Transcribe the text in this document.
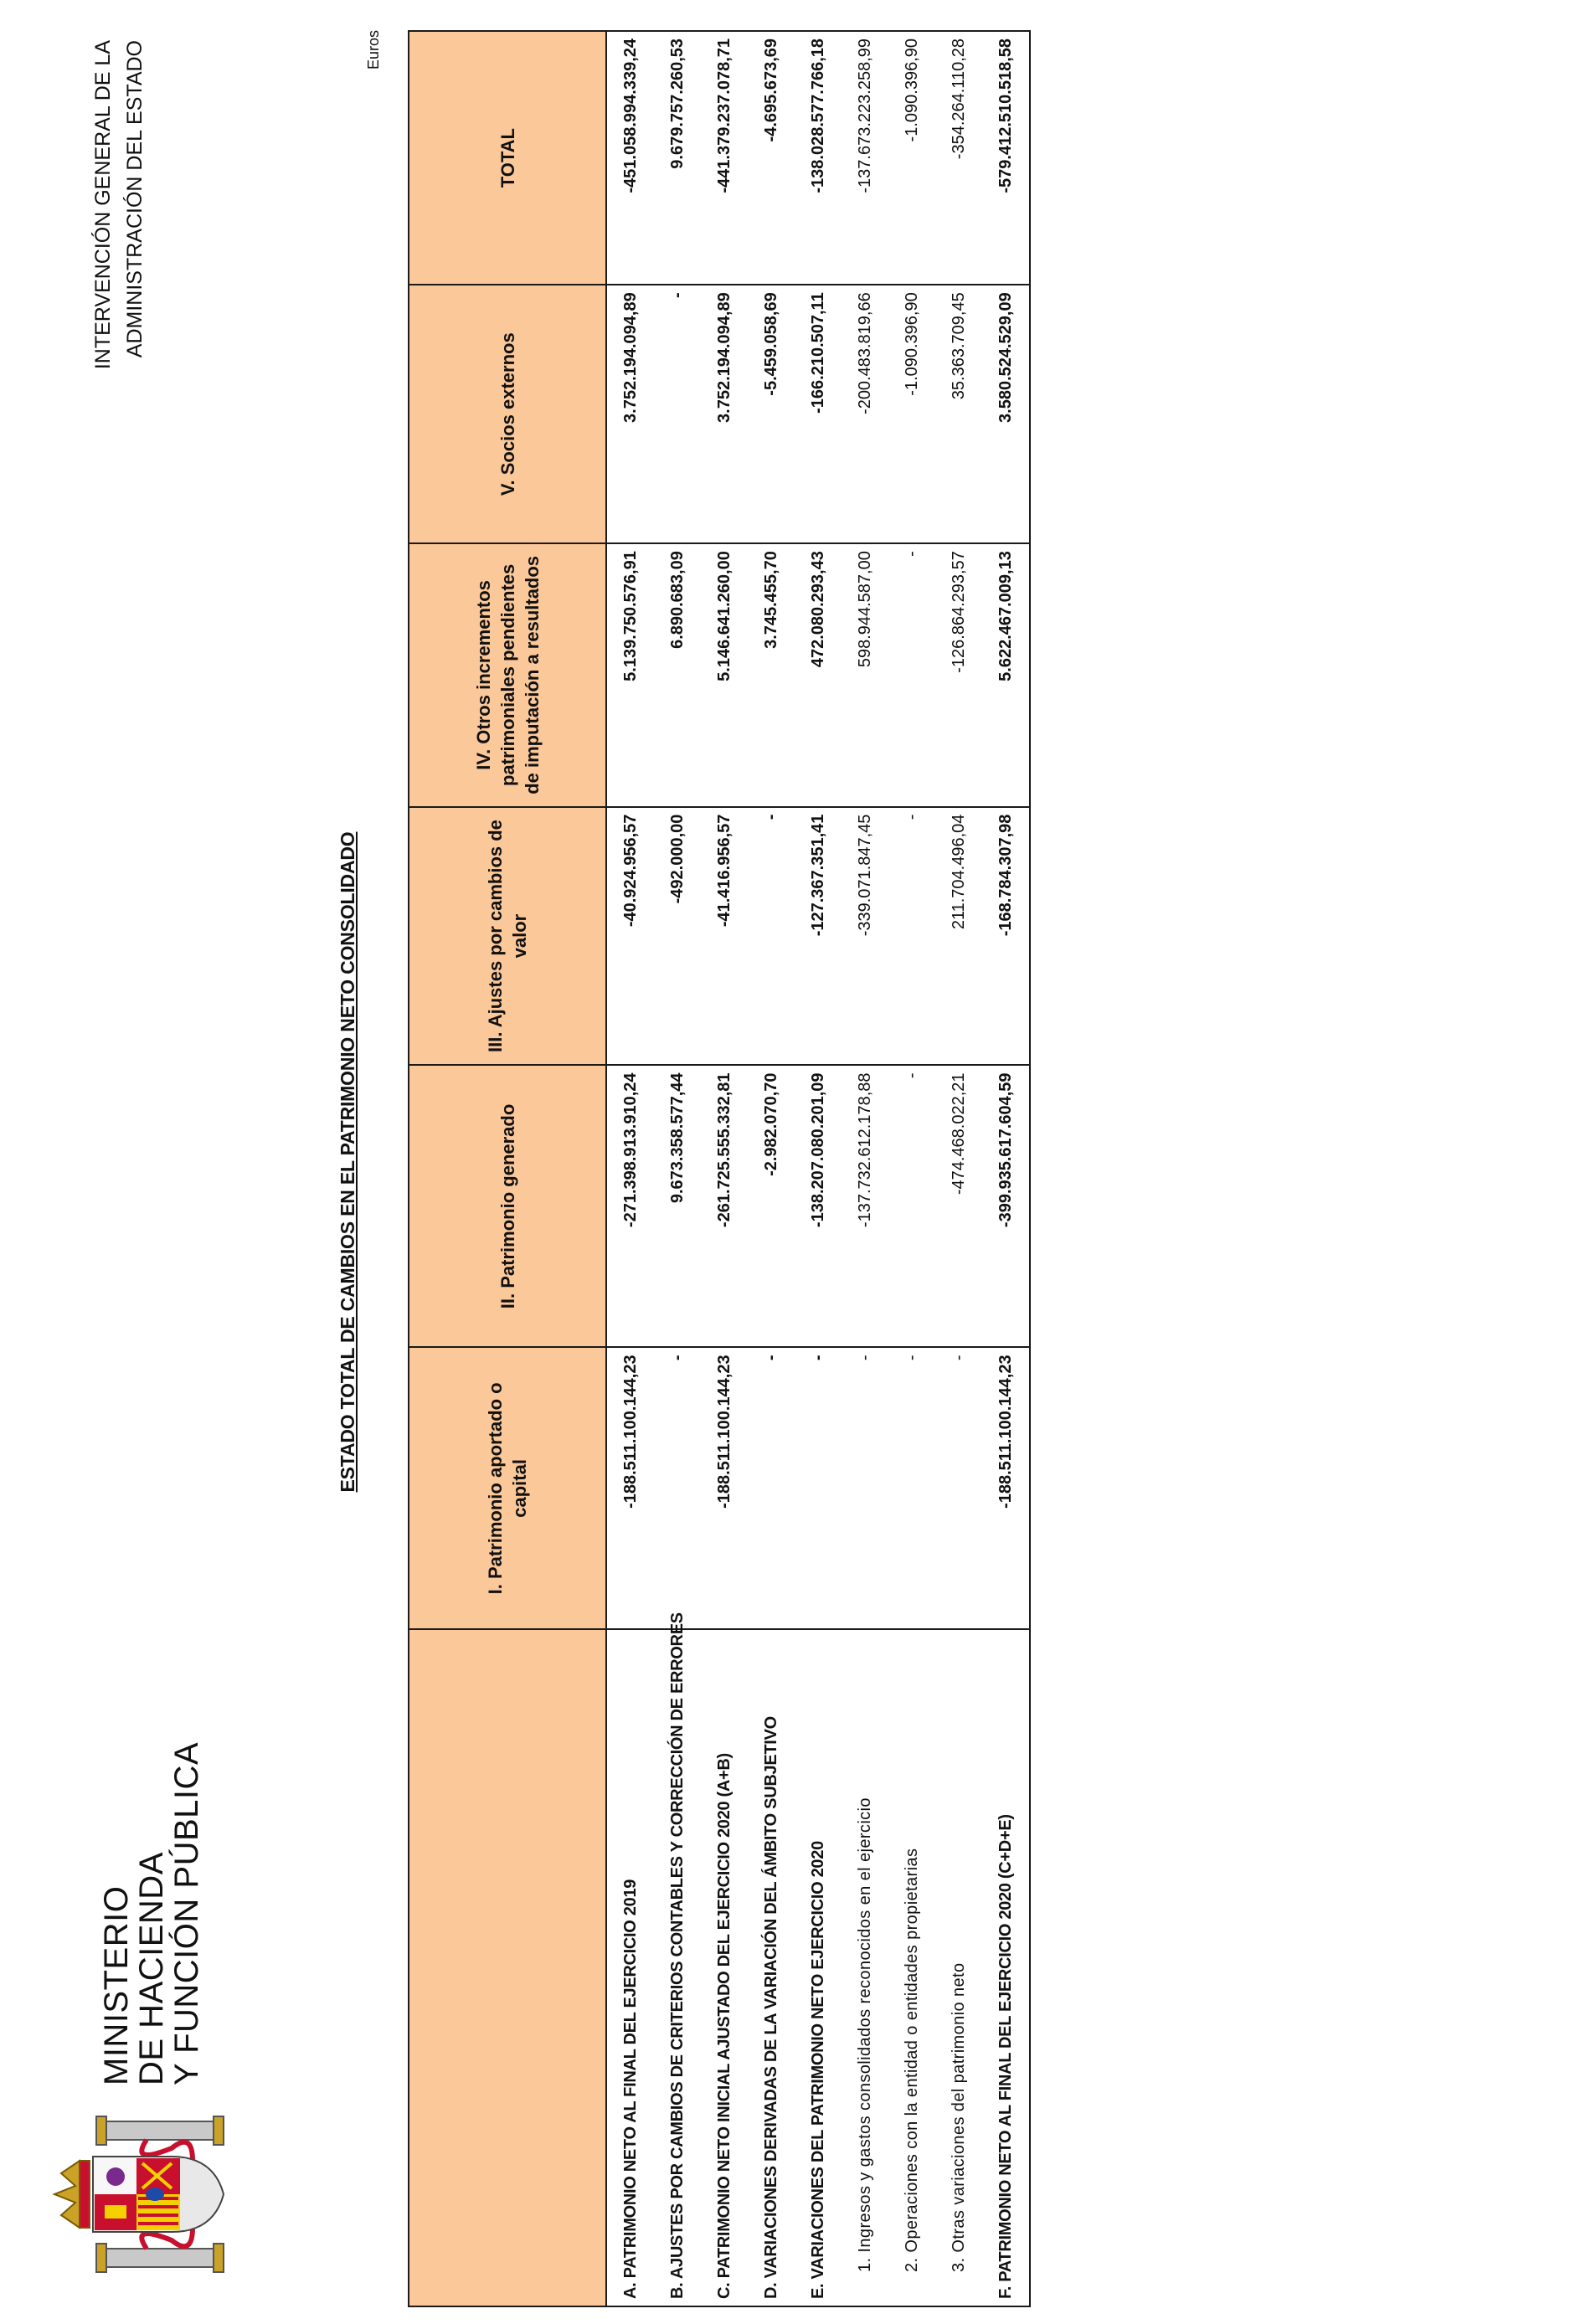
MINISTERIO
DE HACIENDA
Y FUNCIÓN PÚBLICA
INTERVENCIÓN GENERAL DE LA ADMINISTRACIÓN DEL ESTADO
ESTADO TOTAL DE CAMBIOS EN EL PATRIMONIO NETO CONSOLIDADO
Euros
	I. Patrimonio aportado o capital	II. Patrimonio generado	III. Ajustes por cambios de valor	IV. Otros incrementos patrimoniales pendientes de imputación a resultados	V. Socios externos	TOTAL
A. PATRIMONIO NETO AL FINAL DEL EJERCICIO 2019	-188.511.100.144,23	-271.398.913.910,24	-40.924.956,57	5.139.750.576,91	3.752.194.094,89	-451.058.994.339,24
B. AJUSTES POR CAMBIOS DE CRITERIOS CONTABLES Y CORRECCIÓN DE ERRORES	-	9.673.358.577,44	-492.000,00	6.890.683,09	-	9.679.757.260,53
C. PATRIMONIO NETO INICIAL AJUSTADO DEL EJERCICIO 2020 (A+B)	-188.511.100.144,23	-261.725.555.332,81	-41.416.956,57	5.146.641.260,00	3.752.194.094,89	-441.379.237.078,71
D. VARIACIONES DERIVADAS DE LA VARIACIÓN DEL ÁMBITO SUBJETIVO	-	-2.982.070,70	-	3.745.455,70	-5.459.058,69	-4.695.673,69
E. VARIACIONES DEL PATRIMONIO NETO EJERCICIO 2020	-	-138.207.080.201,09	-127.367.351,41	472.080.293,43	-166.210.507,11	-138.028.577.766,18
1. Ingresos y gastos consolidados reconocidos en el ejercicio	-	-137.732.612.178,88	-339.071.847,45	598.944.587,00	-200.483.819,66	-137.673.223.258,99
2. Operaciones con la entidad o entidades propietarias	-	-	-	-	-1.090.396,90	-1.090.396,90
3. Otras variaciones del patrimonio neto	-	-474.468.022,21	211.704.496,04	-126.864.293,57	35.363.709,45	-354.264.110,28
F. PATRIMONIO NETO AL FINAL DEL EJERCICIO 2020 (C+D+E)	-188.511.100.144,23	-399.935.617.604,59	-168.784.307,98	5.622.467.009,13	3.580.524.529,09	-579.412.510.518,58
